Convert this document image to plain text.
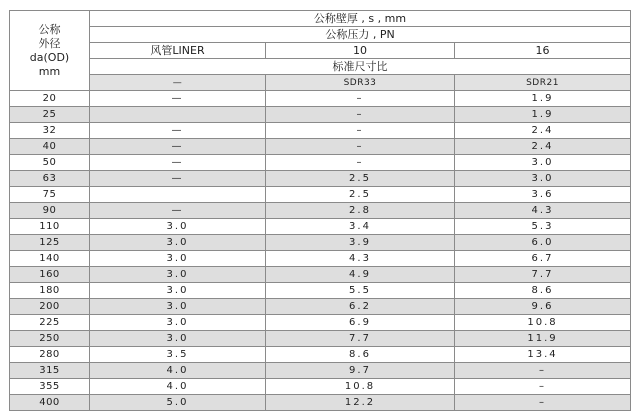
公称
外径
da(OD)
mm	公称壁厚 , s , mm		
	公称压力 , PN		
	风管LINER	10	16
	标准尺寸比		
	—	SDR33	SDR21
20	—	–	1.9
25		–	1.9
32	—	–	2.4
40	—	–	2.4
50	—	–	3.0
63	—	2.5	3.0
75		2.5	3.6
90	—	2.8	4.3
110	3.0	3.4	5.3
125	3.0	3.9	6.0
140	3.0	4.3	6.7
160	3.0	4.9	7.7
180	3.0	5.5	8.6
200	3.0	6.2	9.6
225	3.0	6.9	10.8
250	3.0	7.7	11.9
280	3.5	8.6	13.4
315	4.0	9.7	–
355	4.0	10.8	–
400	5.0	12.2	–
